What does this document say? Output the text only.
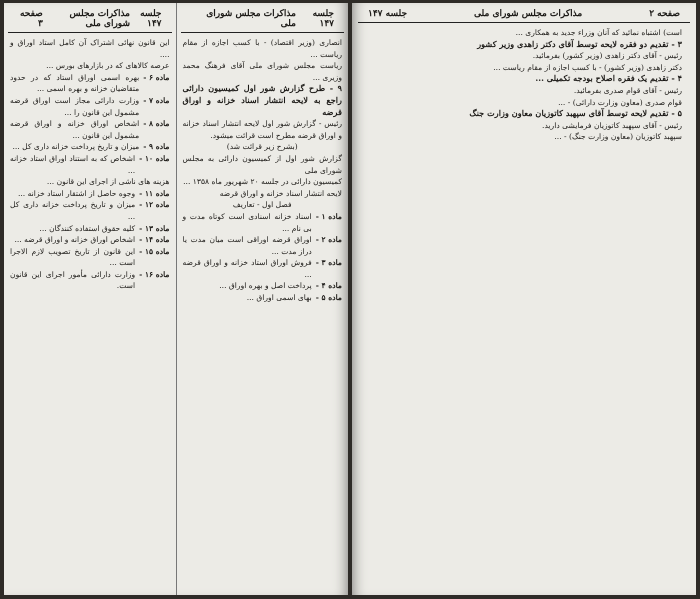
جلسه ۱۴۷
مذاکرات مجلس شورای ملی

انصاری (وزیر اقتصاد) - با کسب اجازه از مقام ریاست ...

ریاست مجلس شورای ملی آقای فرهنگ محمد وزیری ...

۹ - طرح گزارش شور اول کمیسیون دارائی راجع به لایحه انتشار اسناد خزانه و اوراق قرضه

رئیس - گزارش شور اول لایحه انتشار اسناد خزانه و اوراق قرضه مطرح است قرائت میشود.

(بشرح زیر قرائت شد)

گزارش شور اول از کمیسیون دارائی به مجلس شورای ملی

کمیسیون دارائی در جلسه ۲۰ شهریور ماه ۱۳۵۸ ...

لایحه انتشار اسناد خزانه و اوراق قرضه

فصل اول - تعاریف

ماده ۱ -
اسناد خزانه اسنادی است کوتاه مدت و بی نام ...
ماده ۲ -
اوراق قرضه اوراقی است میان مدت یا دراز مدت ...
ماده ۳ -
فروش اوراق استاد خزانه و اوراق قرضه ...
ماده ۴ -
پرداخت اصل و بهره اوراق ...
ماده ۵ -
بهای اسمی اوراق ...
جلسه ۱۴۷
مذاکرات مجلس شورای ملی
صفحه ۳

این قانون نهائی اشتراک آن کامل استاد اوراق و ....

عرصه کالاهای که در بازارهای بورس ...

ماده ۶ -
بهره اسمی اوراق استاد که در حدود متقاضیان خزانه و بهره اسمی ...
ماده ۷ -
وزارت دارائی مجاز است اوراق قرضه مشمول این قانون را ...
ماده ۸ -
اشخاص اوراق خزانه و اوراق قرضه مشمول این قانون ...
ماده ۹ -
میزان و تاریخ پرداخت خزانه داری کل ...
ماده ۱۰ -
اشخاص که به استناد اوراق استاد خزانه ...

هزینه های ناشی از اجرای این قانون ...

ماده ۱۱ -
وجوه حاصل از اشتقار استاد خزانه ...
ماده ۱۲ -
میزان و تاریخ پرداخت خزانه داری کل ...
ماده ۱۳ -
کلیه حقوق استفاده کنندگان ...
ماده ۱۴ -
اشخاص اوراق خزانه و اوراق قرضه ...
ماده ۱۵ -
این قانون از تاریخ تصویب لازم الاجرا است ...
ماده ۱۶ -
وزارت دارائی مأمور اجرای این قانون است.
صفحه ۲
مذاکرات مجلس شورای ملی
جلسه ۱۴۷

است) اشتباه نمائید که آنان وزراء جدید به همکاری ...

۳ - تقدیم دو فقره لایحه توسط آقای دکتر زاهدی وزیر کشور

رئیس - آقای دکتر زاهدی (وزیر کشور) بفرمائید.

دکتر زاهدی (وزیر کشور) - با کسب اجازه از مقام ریاست ...

۴ - تقدیم یک فقره اصلاح بودجه تکمیلی ...

رئیس - آقای قوام صدری بفرمائید.

قوام صدری (معاون وزارت دارائی) - ...

۵ - تقدیم لایحه توسط آقای سپهبد کاتوزیان معاون وزارت جنگ

رئیس - آقای سپهبد کاتوزیان فرمایشی دارید.

سپهبد کاتوزیان (معاون وزارت جنگ) - ...
